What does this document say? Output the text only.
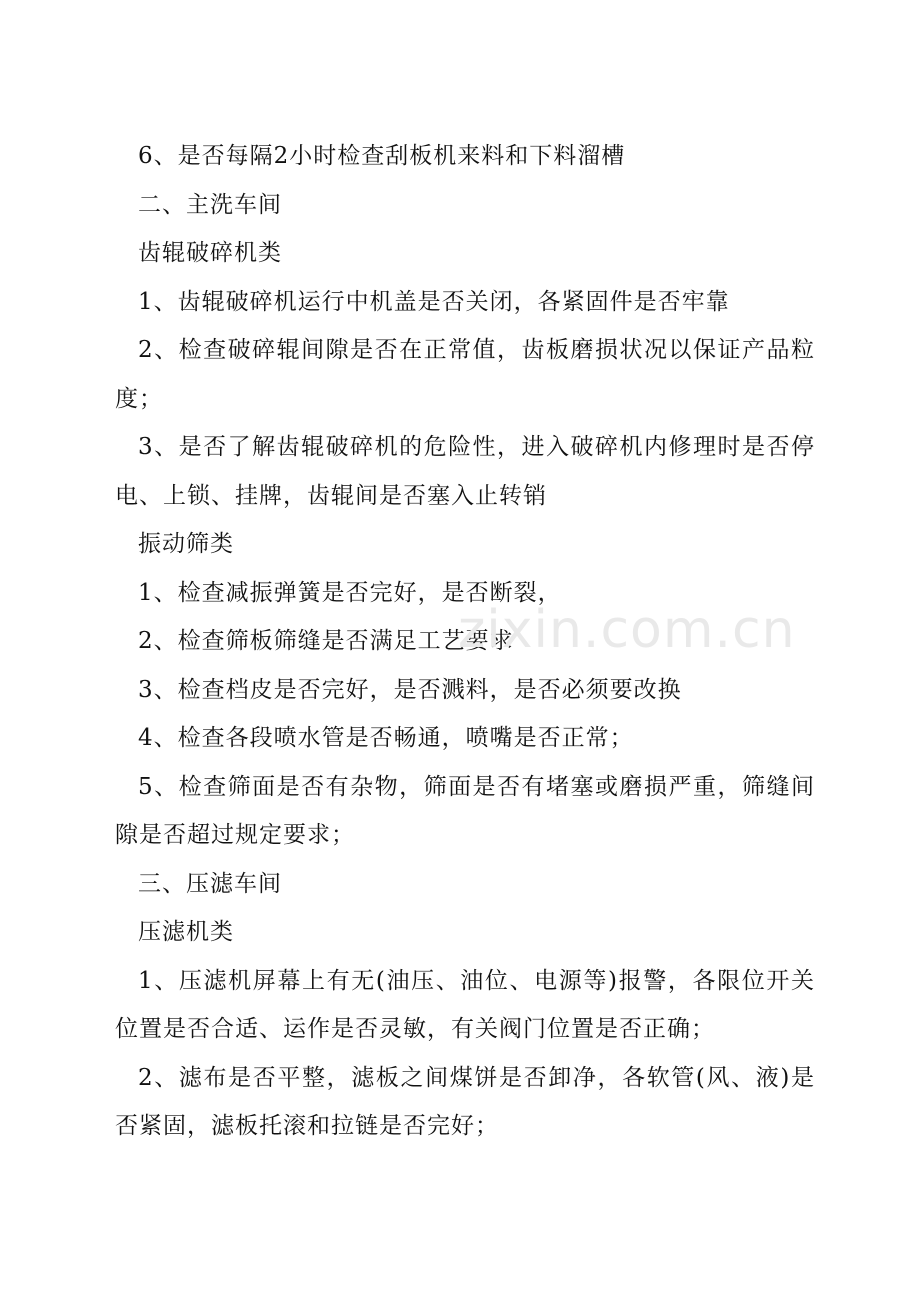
6、是否每隔2小时检查刮板机来料和下料溜槽

二、主洗车间

齿辊破碎机类

1、齿辊破碎机运行中机盖是否关闭，各紧固件是否牢靠

2、检查破碎辊间隙是否在正常值，齿板磨损状况以保证产品粒度；

3、是否了解齿辊破碎机的危险性，进入破碎机内修理时是否停电、上锁、挂牌，齿辊间是否塞入止转销

振动筛类

1、检查减振弹簧是否完好，是否断裂，

2、检查筛板筛缝是否满足工艺要求

3、检查档皮是否完好，是否溅料，是否必须要改换

4、检查各段喷水管是否畅通，喷嘴是否正常；

5、检查筛面是否有杂物，筛面是否有堵塞或磨损严重，筛缝间隙是否超过规定要求；

三、压滤车间

压滤机类

1、压滤机屏幕上有无(油压、油位、电源等)报警，各限位开关位置是否合适、运作是否灵敏，有关阀门位置是否正确；

2、滤布是否平整，滤板之间煤饼是否卸净，各软管(风、液)是否紧固，滤板托滚和拉链是否完好；

zixin.com.cn
